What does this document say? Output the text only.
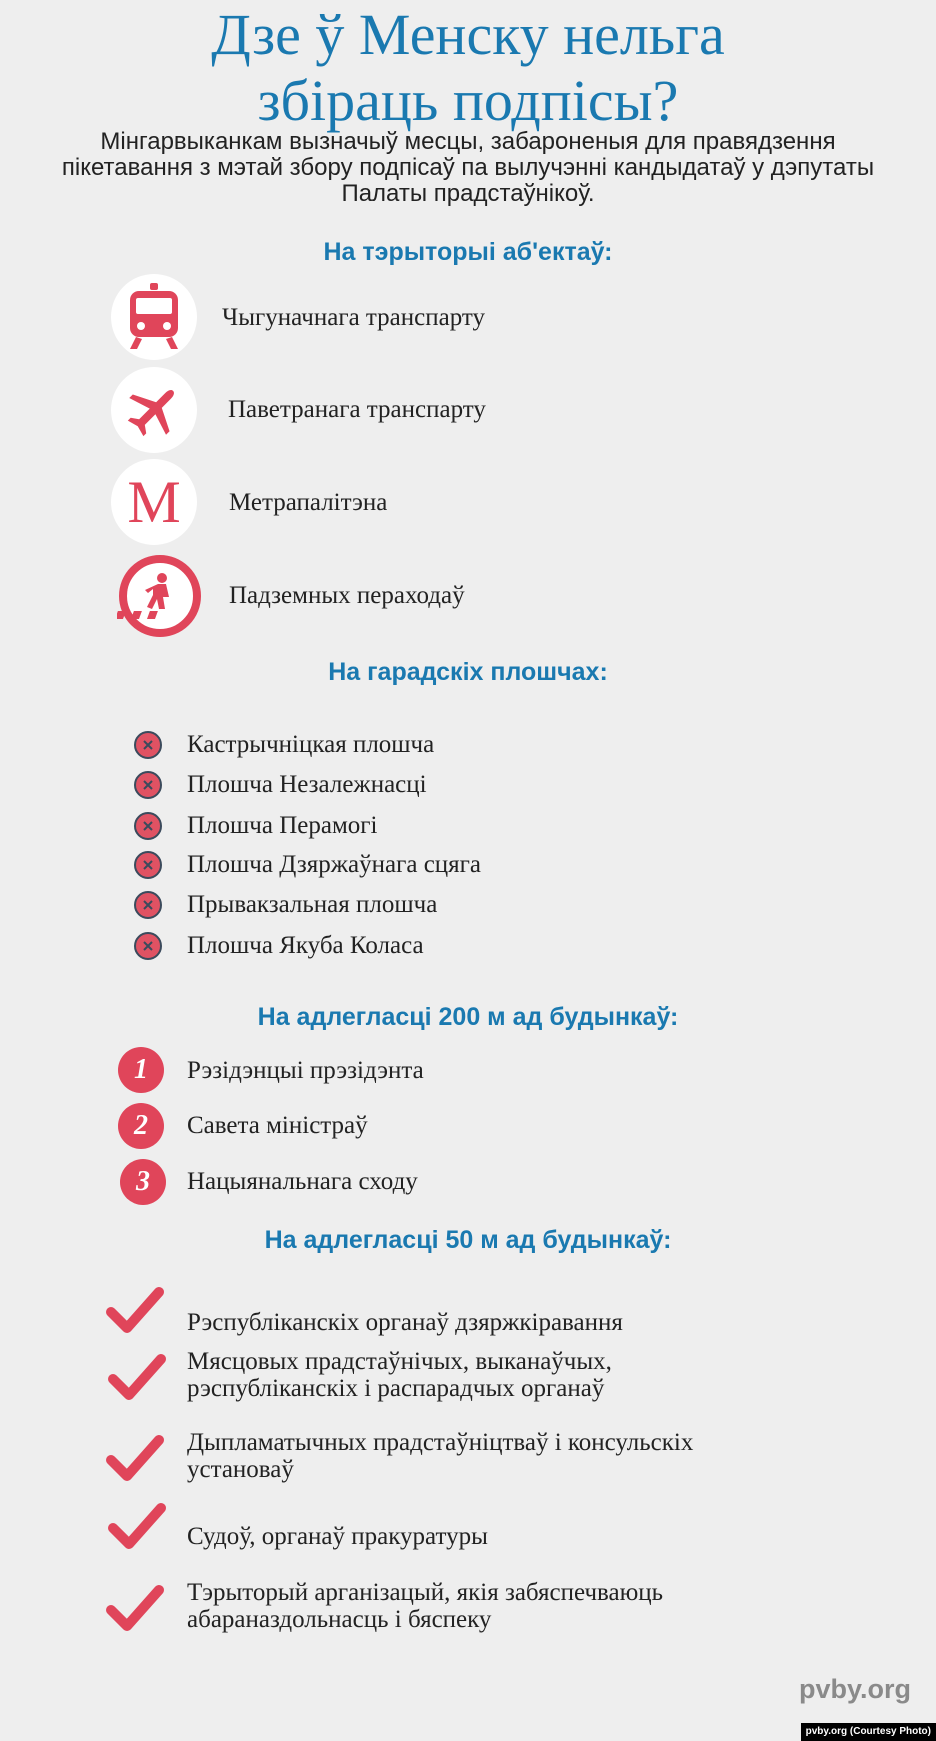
Дзе ў Менску нельга
збіраць подпісы?
Мінгарвыканкам вызначыў месцы, забароненыя для правядзення пікетавання з мэтай збору подпісаў па вылучэнні кандыдатаў у дэпутаты Палаты прадстаўнікоў.
На тэрыторыі аб'ектаў:
Чыгуначнага транспарту
Паветранага транспарту
М Метрапалітэна
Падземных пераходаў
На гарадскіх плошчах:
Кастрычніцкая плошча
Плошча Незалежнасці
Плошча Перамогі
Плошча Дзяржаўнага сцяга
Прывакзальная плошча
Плошча Якуба Коласа
На адлегласці 200 м ад будынкаў:
1	Рэзідэнцыі прэзідэнта
2	Савета міністраў
3	Нацыянальнага сходу
На адлегласці 50 м ад будынкаў:
Рэспубліканскіх органаў дзяржкіравання
Мясцовых прадстаўнічых, выканаўчых,
рэспубліканскіх і распарадчых органаў
Дыпламатычных прадстаўніцтваў і консульскіх
установаў
Судоў, органаў пракуратуры
Тэрыторый арганізацый, якія забяспечваюць
абараназдольнасць і бяспеку
pvby.org
pvby.org (Courtesy Photo)
